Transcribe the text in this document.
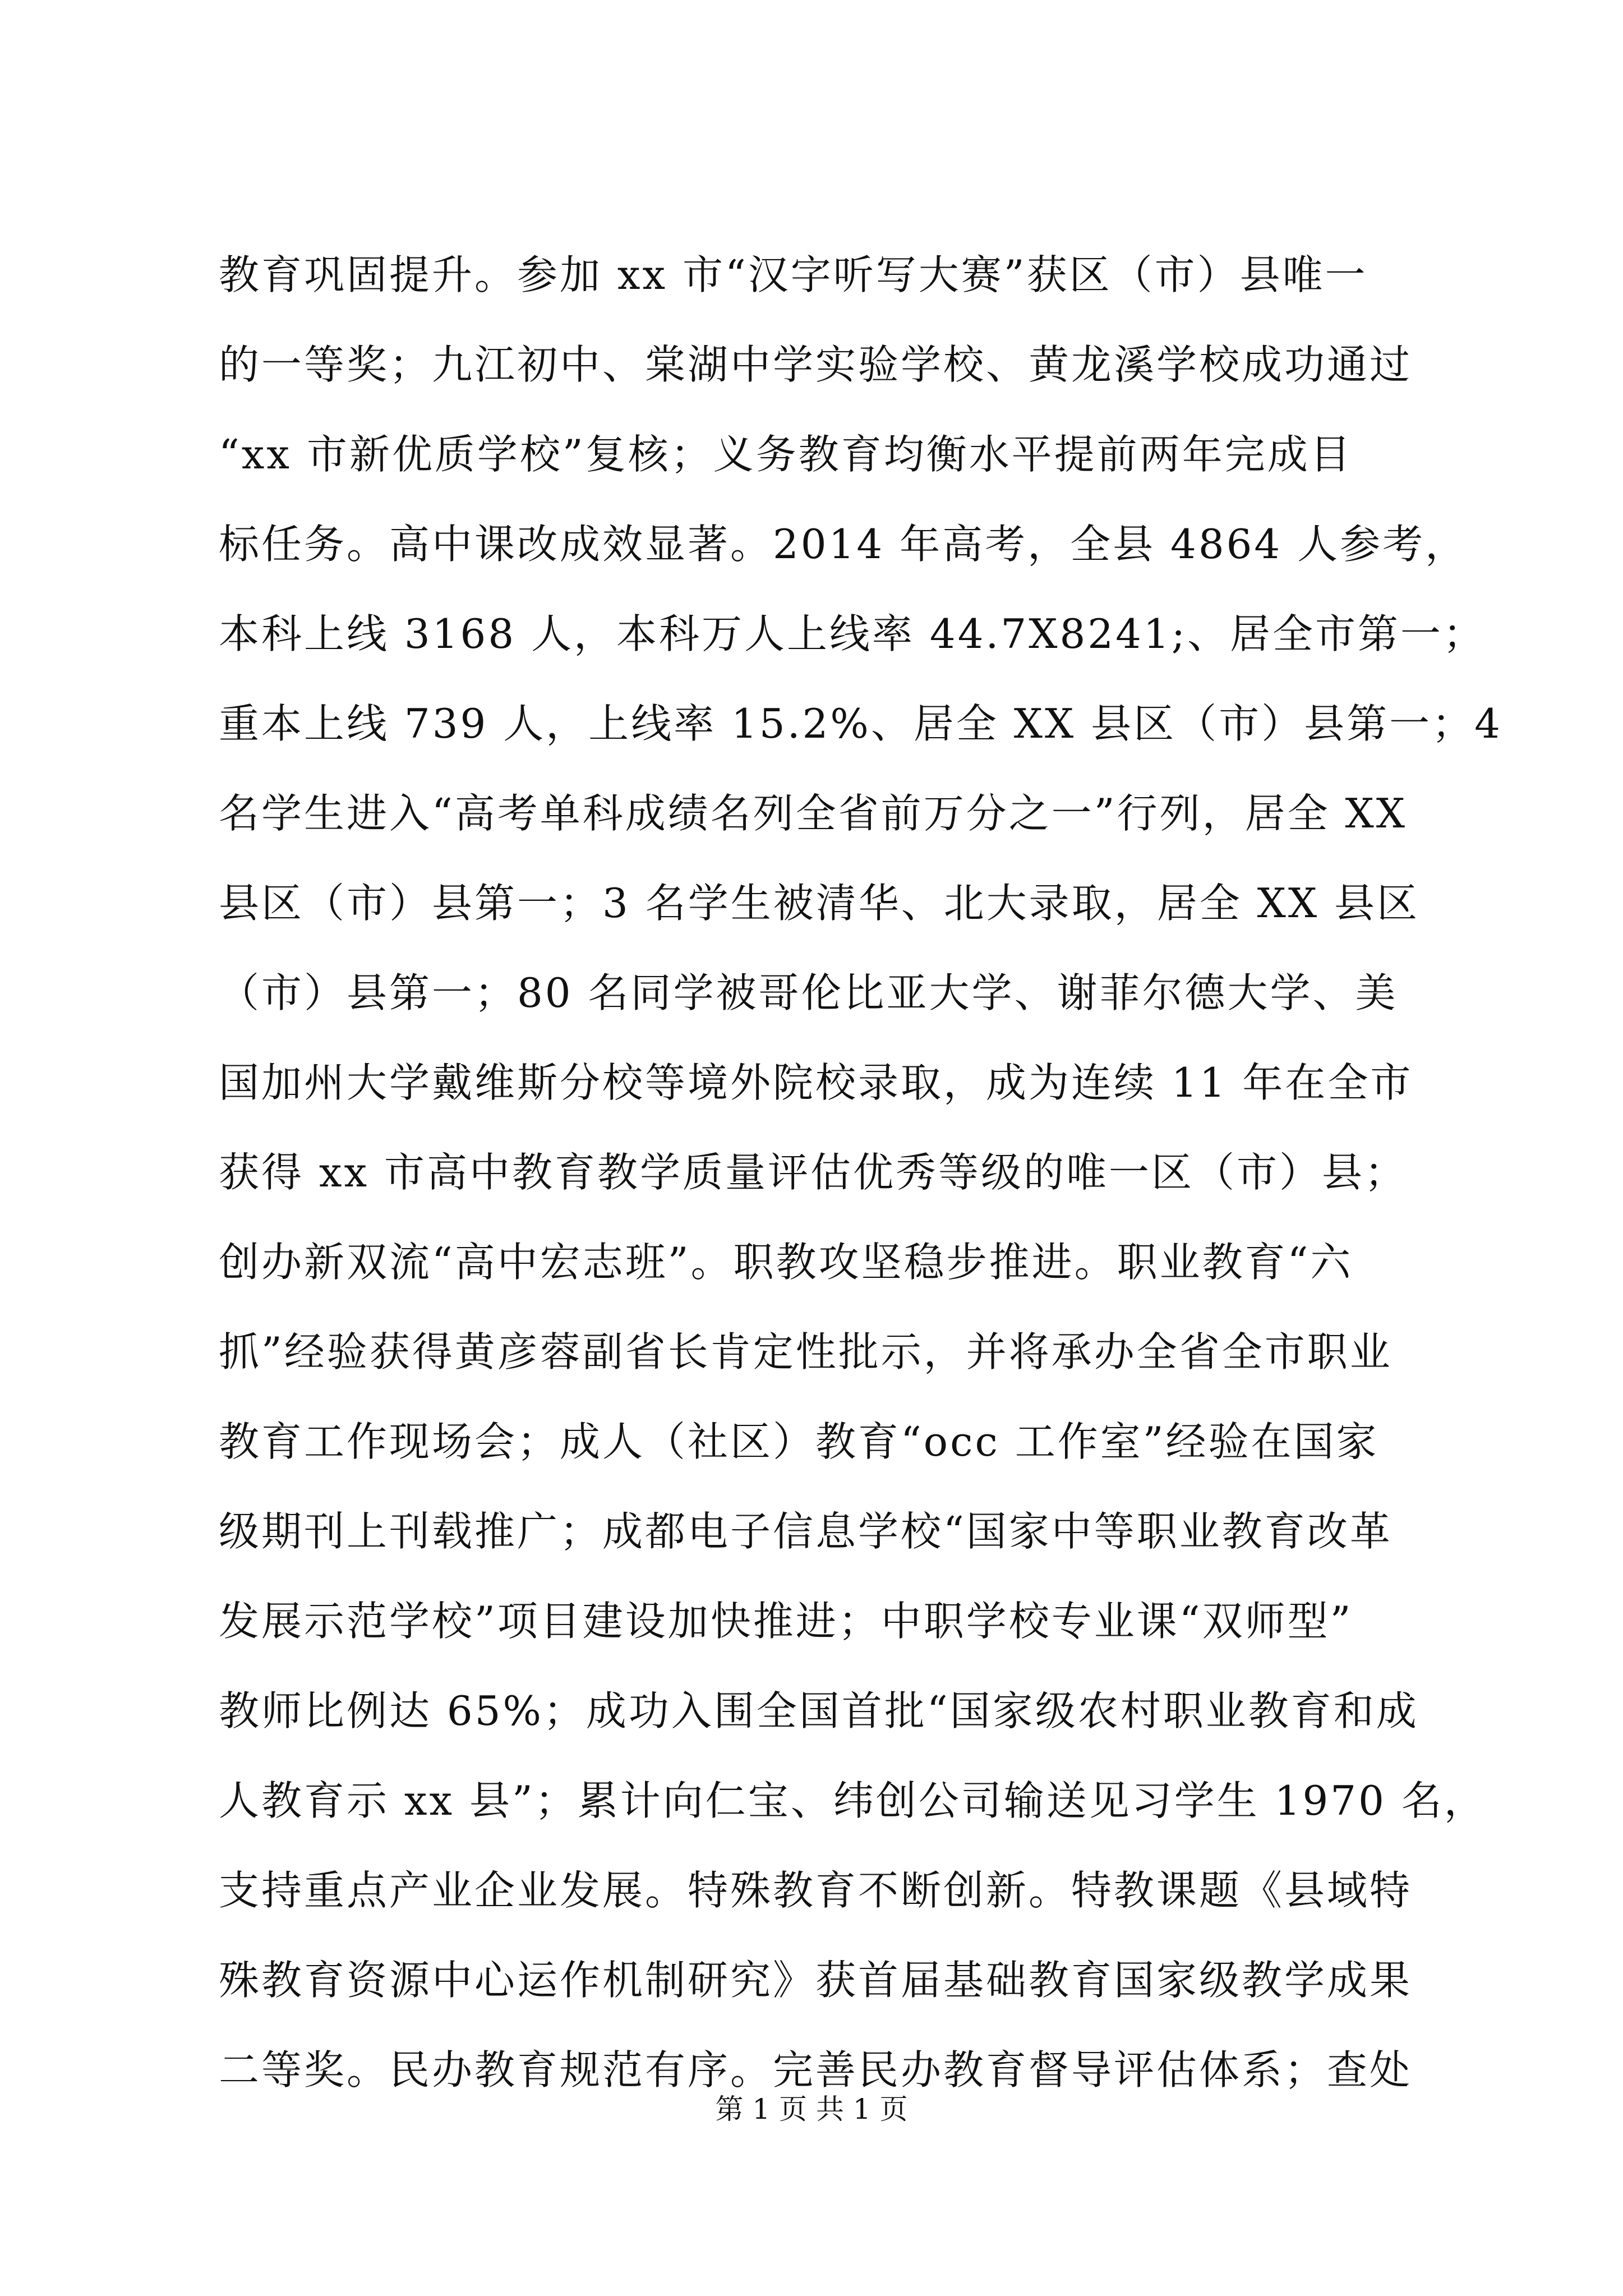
教育巩固提升。参加 xx 市“汉字听写大赛”获区（市）县唯一
的一等奖；九江初中、棠湖中学实验学校、黄龙溪学校成功通过
“xx 市新优质学校”复核；义务教育均衡水平提前两年完成目
标任务。高中课改成效显著。2014 年高考，全县 4864 人参考，
本科上线 3168 人，本科万人上线率 44.7X8241;、居全市第一；
重本上线 739 人，上线率 15.2%、居全 XX 县区（市）县第一；4
名学生进入“高考单科成绩名列全省前万分之一”行列，居全 XX
县区（市）县第一；3 名学生被清华、北大录取，居全 XX 县区
（市）县第一；80 名同学被哥伦比亚大学、谢菲尔德大学、美
国加州大学戴维斯分校等境外院校录取，成为连续 11 年在全市
获得 xx 市高中教育教学质量评估优秀等级的唯一区（市）县；
创办新双流“高中宏志班”。职教攻坚稳步推进。职业教育“六
抓”经验获得黄彦蓉副省长肯定性批示，并将承办全省全市职业
教育工作现场会；成人（社区）教育“occ 工作室”经验在国家
级期刊上刊载推广；成都电子信息学校“国家中等职业教育改革
发展示范学校”项目建设加快推进；中职学校专业课“双师型”
教师比例达 65%；成功入围全国首批“国家级农村职业教育和成
人教育示 xx 县”；累计向仁宝、纬创公司输送见习学生 1970 名，
支持重点产业企业发展。特殊教育不断创新。特教课题《县域特
殊教育资源中心运作机制研究》获首届基础教育国家级教学成果
二等奖。民办教育规范有序。完善民办教育督导评估体系；查处
第 1 页 共 1 页
